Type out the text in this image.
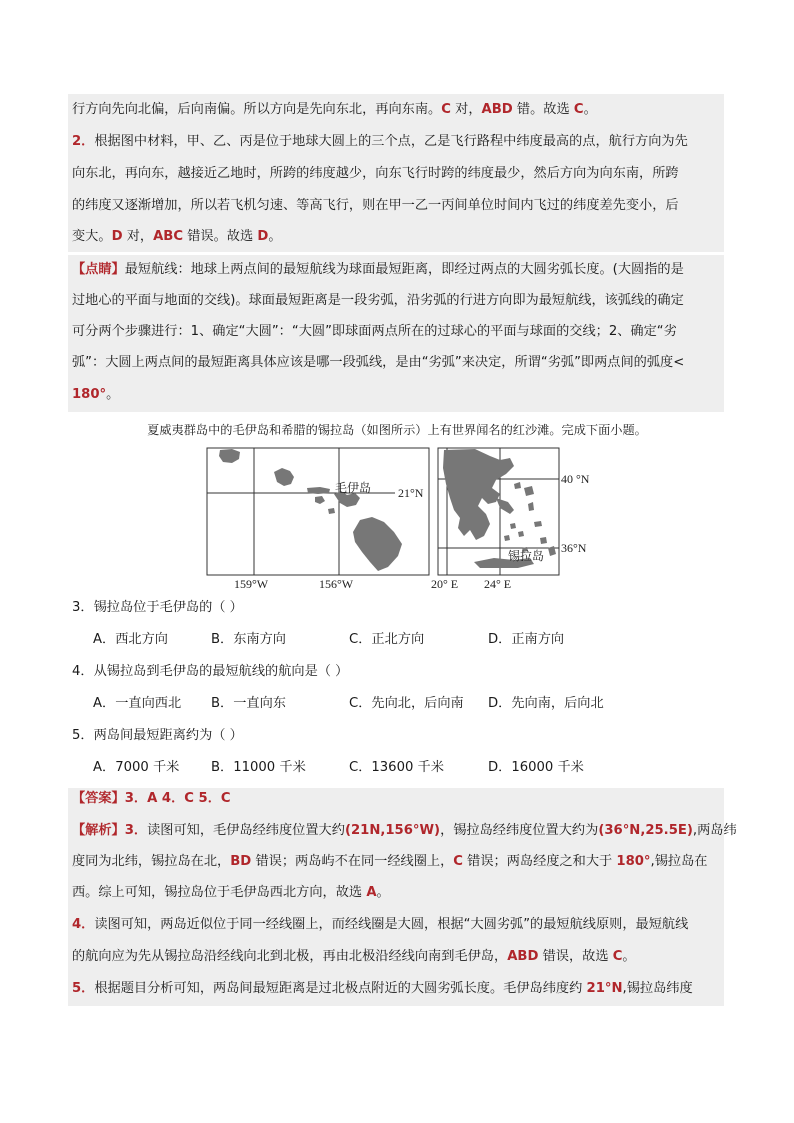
行方向先向北偏，后向南偏。所以方向是先向东北，再向东南。C 对，ABD 错。故选 C。
2．根据图中材料，甲、乙、丙是位于地球大圆上的三个点，乙是飞行路程中纬度最高的点，航行方向为先
向东北，再向东，越接近乙地时，所跨的纬度越少，向东飞行时跨的纬度最少，然后方向为向东南，所跨
的纬度又逐渐增加，所以若飞机匀速、等高飞行，则在甲一乙一丙间单位时间内飞过的纬度差先变小，后
变大。D 对，ABC 错误。故选 D。
【点睛】最短航线：地球上两点间的最短航线为球面最短距离，即经过两点的大圆劣弧长度。(大圆指的是
过地心的平面与地面的交线)。球面最短距离是一段劣弧，沿劣弧的行进方向即为最短航线，该弧线的确定
可分两个步骤进行：1、确定“大圆”：“大圆”即球面两点所在的过球心的平面与球面的交线；2、确定“劣
弧”：大圆上两点间的最短距离具体应该是哪一段弧线，是由“劣弧”来决定，所谓“劣弧”即两点间的弧度<
180°。
夏威夷群岛中的毛伊岛和希腊的锡拉岛（如图所示）上有世界闻名的红沙滩。完成下面小题。
毛伊岛 21°N
159°W	156°W
锡拉岛
40 °N
36°N
20° E 24° E
3．锡拉岛位于毛伊岛的（ ）
A．西北方向	B．东南方向	C．正北方向	D．正南方向
4．从锡拉岛到毛伊岛的最短航线的航向是（ ）
A．一直向西北 B．一直向东	C．先向北，后向南 D．先向南，后向北
5．两岛间最短距离约为（ ）
A．7000 千米 B．11000 千米	C．13600 千米	D．16000 千米
【答案】3．A 4．C 5．C
【解析】3．读图可知，毛伊岛经纬度位置大约(21N,156°W)，锡拉岛经纬度位置大约为(36°N,25.5E),两岛纬
度同为北纬，锡拉岛在北，BD 错误；两岛屿不在同一经线圈上，C 错误；两岛经度之和大于 180°,锡拉岛在
西。综上可知，锡拉岛位于毛伊岛西北方向，故选 A。
4．读图可知，两岛近似位于同一经线圈上，而经线圈是大圆，根据“大圆劣弧”的最短航线原则，最短航线
的航向应为先从锡拉岛沿经线向北到北极，再由北极沿经线向南到毛伊岛，ABD 错误，故选 C。
5．根据题目分析可知，两岛间最短距离是过北极点附近的大圆劣弧长度。毛伊岛纬度约 21°N,锡拉岛纬度
